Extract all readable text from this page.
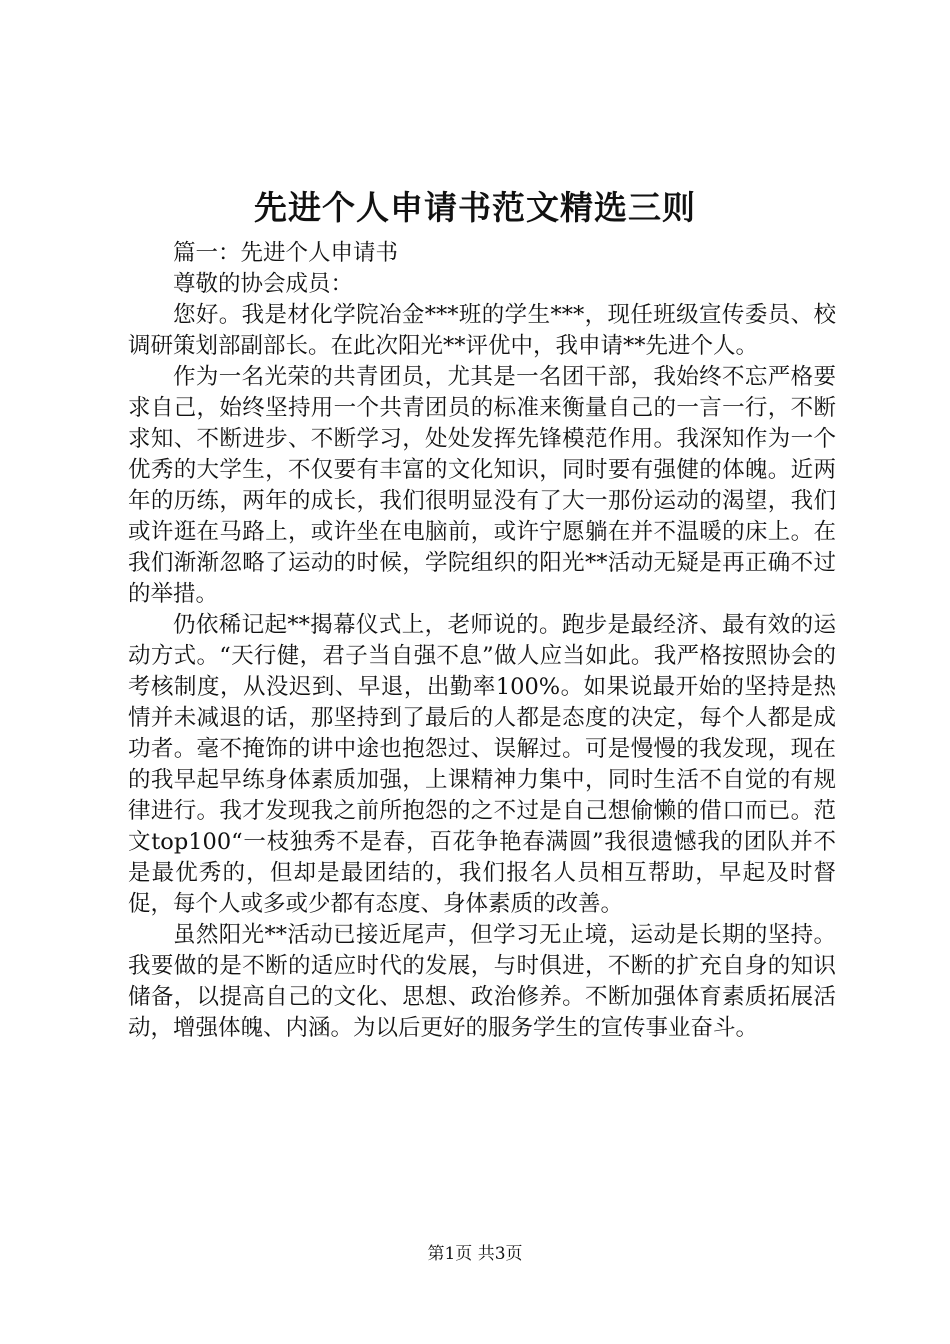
先进个人申请书范文精选三则

篇一：先进个人申请书

尊敬的协会成员：

您好。我是材化学院冶金***班的学生***，现任班级宣传委员、校调研策划部副部长。在此次阳光**评优中，我申请**先进个人。

作为一名光荣的共青团员，尤其是一名团干部，我始终不忘严格要求自己，始终坚持用一个共青团员的标准来衡量自己的一言一行，不断求知、不断进步、不断学习，处处发挥先锋模范作用。我深知作为一个优秀的大学生，不仅要有丰富的文化知识，同时要有强健的体魄。近两年的历练，两年的成长，我们很明显没有了大一那份运动的渴望，我们或许逛在马路上，或许坐在电脑前，或许宁愿躺在并不温暖的床上。在我们渐渐忽略了运动的时候，学院组织的阳光**活动无疑是再正确不过的举措。

仍依稀记起**揭幕仪式上，老师说的。跑步是最经济、最有效的运动方式。“天行健，君子当自强不息”做人应当如此。我严格按照协会的考核制度，从没迟到、早退，出勤率100%。如果说最开始的坚持是热情并未减退的话，那坚持到了最后的人都是态度的决定，每个人都是成功者。毫不掩饰的讲中途也抱怨过、误解过。可是慢慢的我发现，现在的我早起早练身体素质加强，上课精神力集中，同时生活不自觉的有规律进行。我才发现我之前所抱怨的之不过是自己想偷懒的借口而已。范文top100“一枝独秀不是春，百花争艳春满圆”我很遗憾我的团队并不是最优秀的，但却是最团结的，我们报名人员相互帮助，早起及时督促，每个人或多或少都有态度、身体素质的改善。

虽然阳光**活动已接近尾声，但学习无止境，运动是长期的坚持。我要做的是不断的适应时代的发展，与时俱进，不断的扩充自身的知识储备，以提高自己的文化、思想、政治修养。不断加强体育素质拓展活动，增强体魄、内涵。为以后更好的服务学生的宣传事业奋斗。

第1页 共3页
